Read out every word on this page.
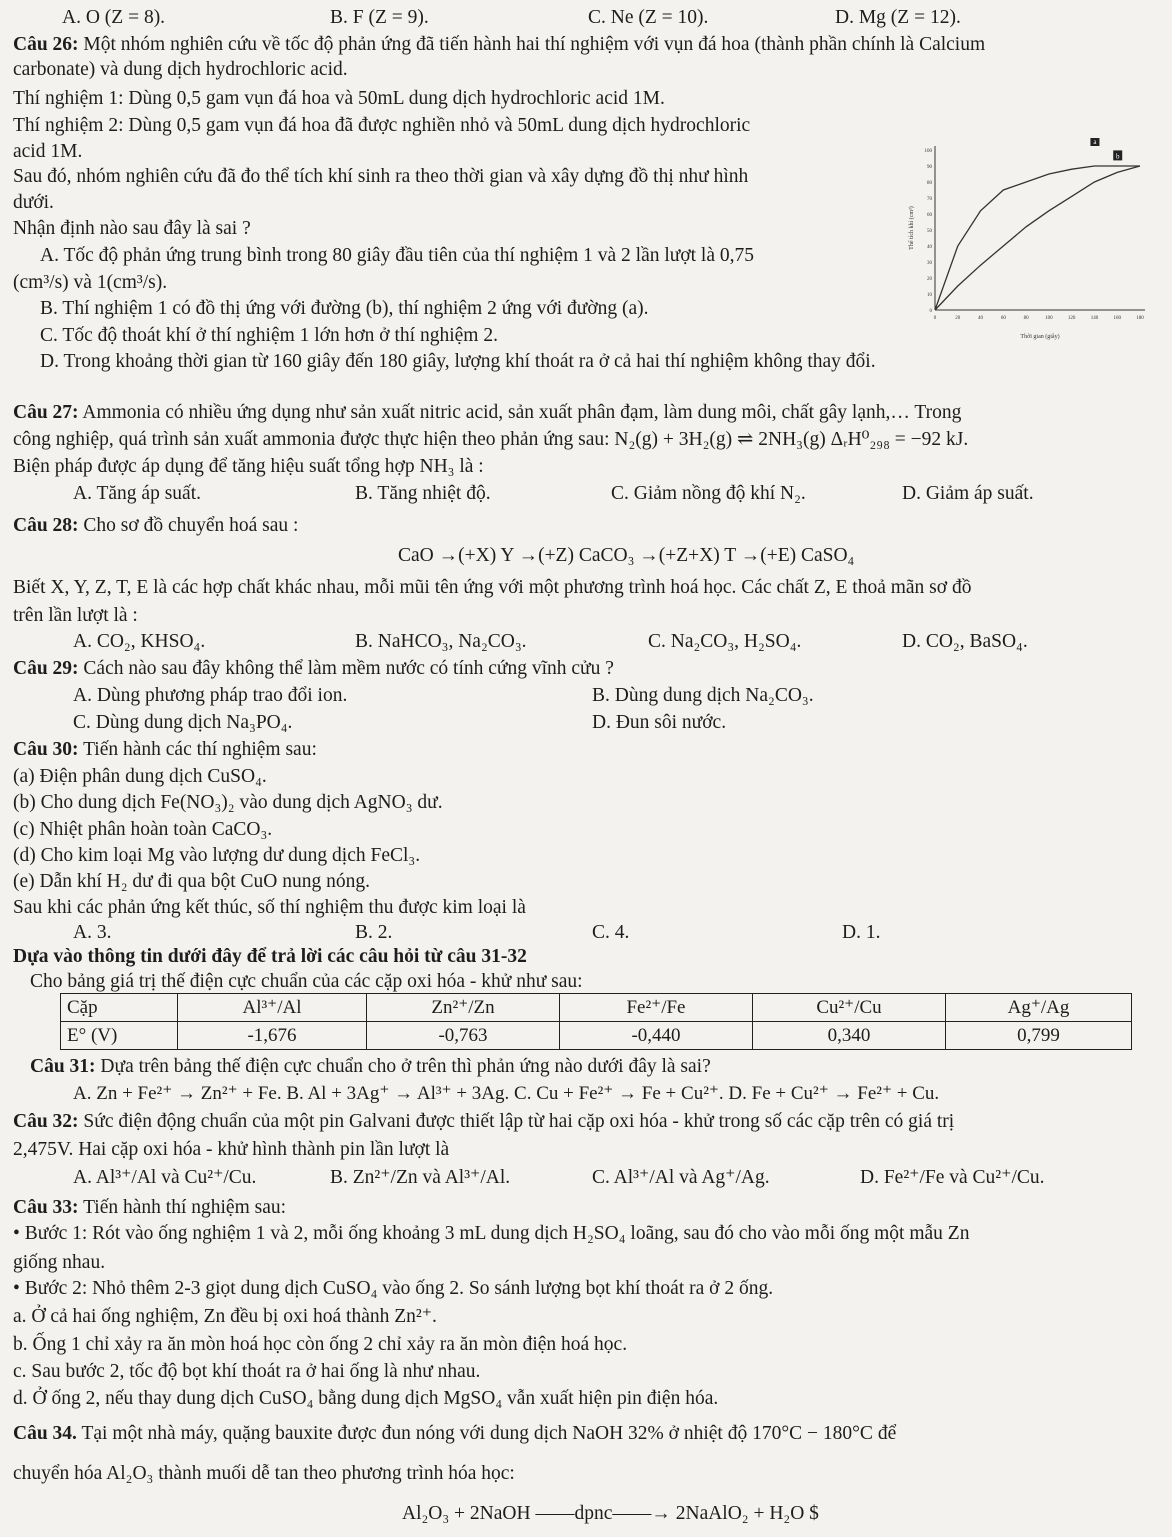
A. O (Z = 8).	B. F (Z = 9).	C. Ne (Z = 10).	D. Mg (Z = 12).
Câu 26: Một nhóm nghiên cứu về tốc độ phản ứng đã tiến hành hai thí nghiệm với vụn đá hoa (thành phần chính là Calcium
carbonate) và dung dịch hydrochloric acid.
Thí nghiệm 1: Dùng 0,5 gam vụn đá hoa và 50mL dung dịch hydrochloric acid 1M.
Thí nghiệm 2: Dùng 0,5 gam vụn đá hoa đã được nghiền nhỏ và 50mL dung dịch hydrochloric
acid 1M.
Sau đó, nhóm nghiên cứu đã đo thể tích khí sinh ra theo thời gian và xây dựng đồ thị như hình
dưới.
Nhận định nào sau đây là sai ?
A. Tốc độ phản ứng trung bình trong 80 giây đầu tiên của thí nghiệm 1 và 2 lần lượt là 0,75
(cm³/s) và 1(cm³/s).
B. Thí nghiệm 1 có đồ thị ứng với đường (b), thí nghiệm 2 ứng với đường (a).
C. Tốc độ thoát khí ở thí nghiệm 1 lớn hơn ở thí nghiệm 2.
D. Trong khoảng thời gian từ 160 giây đến 180 giây, lượng khí thoát ra ở cả hai thí nghiệm không thay đổi.
0	20	40	60	80	100	120	140	160	180
0
10
20
30
40
50
60
70
80
90
100
a
b
Thời gian (giây)
Thể tích khí (cm³)
Câu 27: Ammonia có nhiều ứng dụng như sản xuất nitric acid, sản xuất phân đạm, làm dung môi, chất gây lạnh,… Trong
công nghiệp, quá trình sản xuất ammonia được thực hiện theo phản ứng sau: N₂(g) + 3H₂(g) ⇌ 2NH₃(g) ΔᵣH⁰₂₉₈ = −92 kJ.
Biện pháp được áp dụng để tăng hiệu suất tổng hợp NH₃ là :
A. Tăng áp suất.	B. Tăng nhiệt độ.	C. Giảm nồng độ khí N₂.	D. Giảm áp suất.
Câu 28: Cho sơ đồ chuyển hoá sau :
CaO →(+X) Y →(+Z) CaCO₃ →(+Z+X) T →(+E) CaSO₄
Biết X, Y, Z, T, E là các hợp chất khác nhau, mỗi mũi tên ứng với một phương trình hoá học. Các chất Z, E thoả mãn sơ đồ
trên lần lượt là :
A. CO₂, KHSO₄.	B. NaHCO₃, Na₂CO₃.	C. Na₂CO₃, H₂SO₄.	D. CO₂, BaSO₄.
Câu 29: Cách nào sau đây không thể làm mềm nước có tính cứng vĩnh cửu ?
A. Dùng phương pháp trao đổi ion.	B. Dùng dung dịch Na₂CO₃.
C. Dùng dung dịch Na₃PO₄.	D. Đun sôi nước.
Câu 30: Tiến hành các thí nghiệm sau:
(a) Điện phân dung dịch CuSO₄.
(b) Cho dung dịch Fe(NO₃)₂ vào dung dịch AgNO₃ dư.
(c) Nhiệt phân hoàn toàn CaCO₃.
(d) Cho kim loại Mg vào lượng dư dung dịch FeCl₃.
(e) Dẫn khí H₂ dư đi qua bột CuO nung nóng.
Sau khi các phản ứng kết thúc, số thí nghiệm thu được kim loại là
A. 3.	B. 2.	C. 4.	D. 1.
Dựa vào thông tin dưới đây để trả lời các câu hỏi từ câu 31-32
Cho bảng giá trị thế điện cực chuẩn của các cặp oxi hóa - khử như sau:
Cặp	Al³⁺/Al	Zn²⁺/Zn	Fe²⁺/Fe	Cu²⁺/Cu	Ag⁺/Ag
E° (V)	-1,676	-0,763	-0,440	0,340	0,799
Câu 31: Dựa trên bảng thế điện cực chuẩn cho ở trên thì phản ứng nào dưới đây là sai?
A. Zn + Fe²⁺ → Zn²⁺ + Fe. B. Al + 3Ag⁺ → Al³⁺ + 3Ag. C. Cu + Fe²⁺ → Fe + Cu²⁺. D. Fe + Cu²⁺ → Fe²⁺ + Cu.
Câu 32: Sức điện động chuẩn của một pin Galvani được thiết lập từ hai cặp oxi hóa - khử trong số các cặp trên có giá trị
2,475V. Hai cặp oxi hóa - khử hình thành pin lần lượt là
A. Al³⁺/Al và Cu²⁺/Cu.	B. Zn²⁺/Zn và Al³⁺/Al.	C. Al³⁺/Al và Ag⁺/Ag.	D. Fe²⁺/Fe và Cu²⁺/Cu.
Câu 33: Tiến hành thí nghiệm sau:
• Bước 1: Rót vào ống nghiệm 1 và 2, mỗi ống khoảng 3 mL dung dịch H₂SO₄ loãng, sau đó cho vào mỗi ống một mẫu Zn
giống nhau.
• Bước 2: Nhỏ thêm 2-3 giọt dung dịch CuSO₄ vào ống 2. So sánh lượng bọt khí thoát ra ở 2 ống.
a. Ở cả hai ống nghiệm, Zn đều bị oxi hoá thành Zn²⁺.
b. Ống 1 chỉ xảy ra ăn mòn hoá học còn ống 2 chỉ xảy ra ăn mòn điện hoá học.
c. Sau bước 2, tốc độ bọt khí thoát ra ở hai ống là như nhau.
d. Ở ống 2, nếu thay dung dịch CuSO₄ bằng dung dịch MgSO₄ vẫn xuất hiện pin điện hóa.
Câu 34. Tại một nhà máy, quặng bauxite được đun nóng với dung dịch NaOH 32% ở nhiệt độ 170°C − 180°C để
chuyển hóa Al₂O₃ thành muối dễ tan theo phương trình hóa học:
Al₂O₃ + 2NaOH ——dpnc——→ 2NaAlO₂ + H₂O $
